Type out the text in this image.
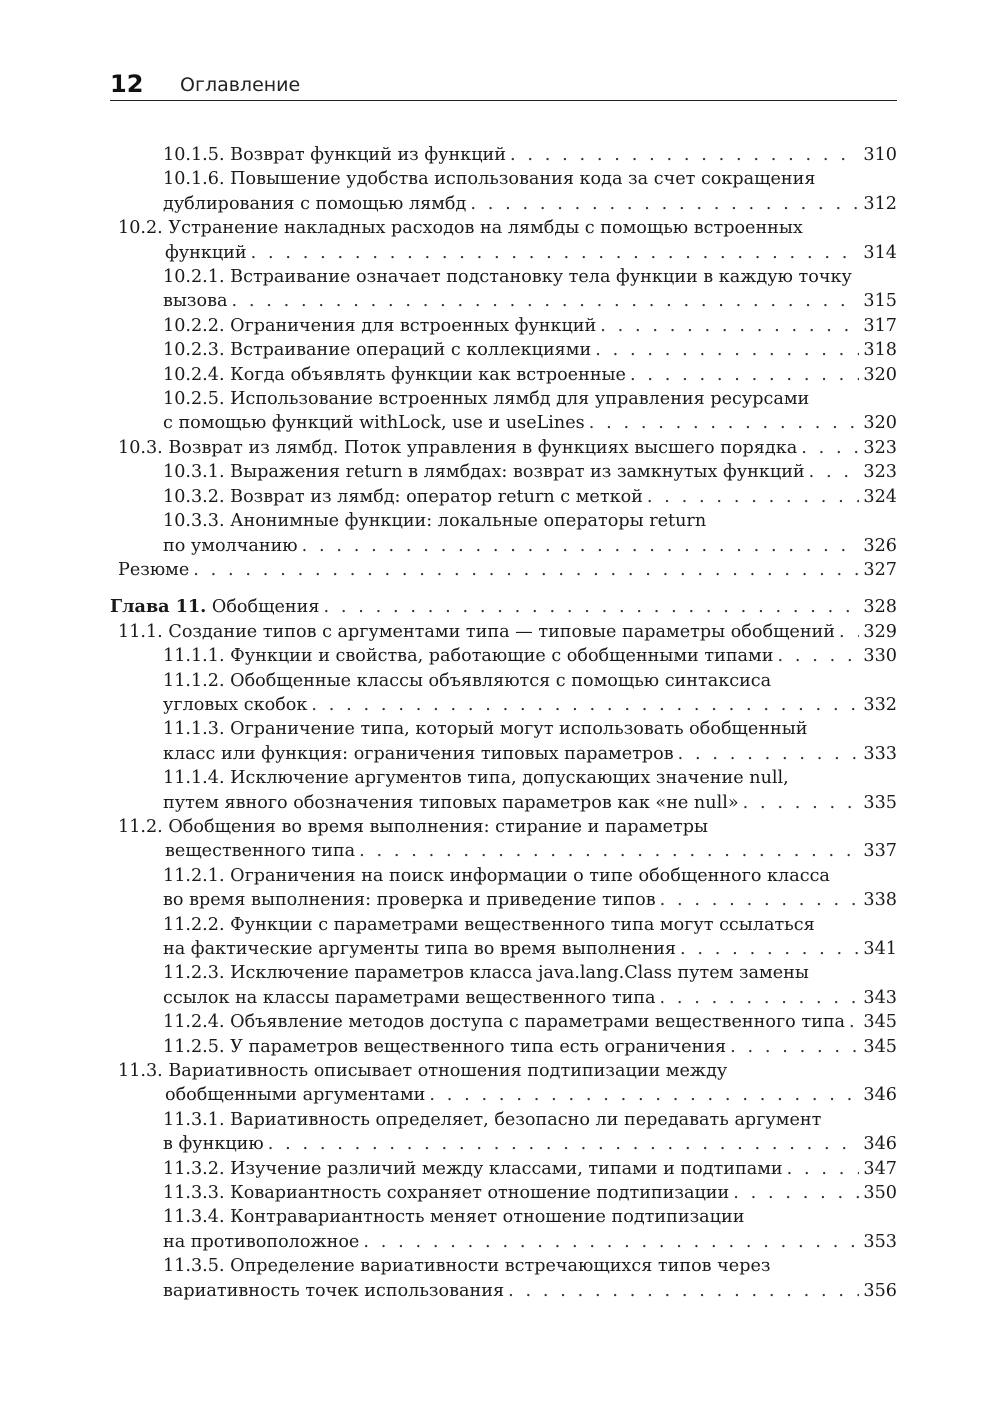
12 Оглавление
10.1.5. Возврат функций из функций . . .	310
10.1.6. Повышение удобства использования кода за счет сокращения
дублирования с помощью лямбд . . .	312
10.2. Устранение накладных расходов на лямбды с помощью встроенных
функций . . .	314
10.2.1. Встраивание означает подстановку тела функции в каждую точку
вызова . . .	315
10.2.2. Ограничения для встроенных функций . . .	317
10.2.3. Встраивание операций с коллекциями . . .	318
10.2.4. Когда объявлять функции как встроенные . . .	320
10.2.5. Использование встроенных лямбд для управления ресурсами
с помощью функций withLock, use и useLines . . .	320
10.3. Возврат из лямбд. Поток управления в функциях высшего порядка . . .	323
10.3.1. Выражения return в лямбдах: возврат из замкнутых функций . . .	323
10.3.2. Возврат из лямбд: оператор return с меткой . . .	324
10.3.3. Анонимные функции: локальные операторы return
по умолчанию . . .	326
Резюме . . .	327
Глава 11. Обобщения . . .	328
11.1. Создание типов с аргументами типа — типовые параметры обобщений . . . 329
11.1.1. Функции и свойства, работающие с обобщенными типами . . .	330
11.1.2. Обобщенные классы объявляются с помощью синтаксиса
угловых скобок . . .	332
11.1.3. Ограничение типа, который могут использовать обобщенный
класс или функция: ограничения типовых параметров . . .	333
11.1.4. Исключение аргументов типа, допускающих значение null,
путем явного обозначения типовых параметров как «не null» . . .	335
11.2. Обобщения во время выполнения: стирание и параметры
вещественного типа . . .	337
11.2.1. Ограничения на поиск информации о типе обобщенного класса
во время выполнения: проверка и приведение типов . . .	338
11.2.2. Функции с параметрами вещественного типа могут ссылаться
на фактические аргументы типа во время выполнения . . .	341
11.2.3. Исключение параметров класса java.lang.Class путем замены
ссылок на классы параметрами вещественного типа . . .	343
11.2.4. Объявление методов доступа с параметрами вещественного типа . . . 345
11.2.5. У параметров вещественного типа есть ограничения . . .	345
11.3. Вариативность описывает отношения подтипизации между
обобщенными аргументами . . .	346
11.3.1. Вариативность определяет, безопасно ли передавать аргумент
в функцию . . .	346
11.3.2. Изучение различий между классами, типами и подтипами . . .	347
11.3.3. Ковариантность сохраняет отношение подтипизации . . .	350
11.3.4. Контравариантность меняет отношение подтипизации
на противоположное . . .	353
11.3.5. Определение вариативности встречающихся типов через
вариативность точек использования . . .	356
